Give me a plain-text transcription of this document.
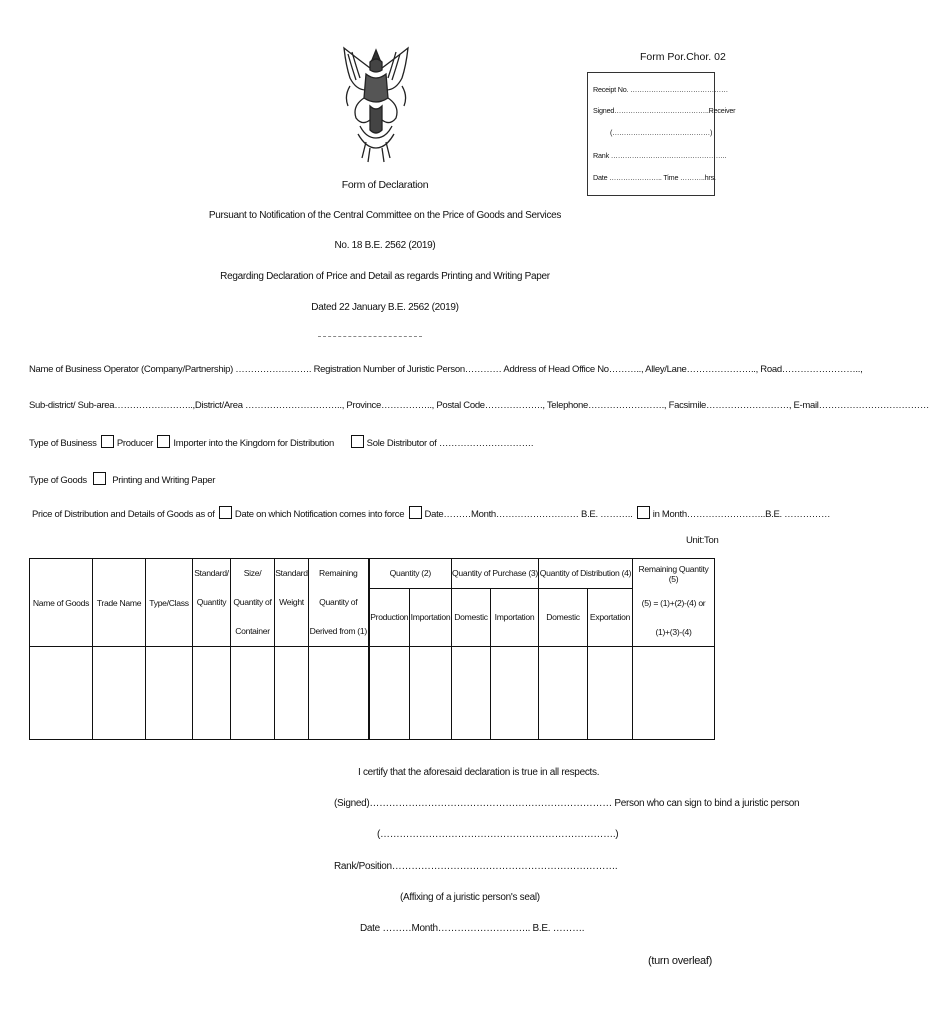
Form Por.Chor. 02
Receipt No. ……………………………………
Signed…………………………………..Receiver
(……………………………………)
Rank …………………………………………..
Date ………………….. Time ………..hrs.
Form of Declaration
Pursuant to Notification of the Central Committee on the Price of Goods and Services
No. 18 B.E. 2562 (2019)
Regarding Declaration of Price and Detail as regards Printing and Writing Paper
Dated 22 January B.E. 2562 (2019)
Name of Business Operator (Company/Partnership) ……………………. Registration Number of Juristic Person………… Address of Head Office No……….., Alley/Lane………………….., Road……………………..,
Sub-district/ Sub-area……………………..,District/Area ………………………….., Province…………….., Postal Code………………., Telephone……………………., Facsimile………………………, E-mail………………………………
Type of Business Producer Importer into the Kingdom for Distribution	Sole Distributor of ………………………….
Type of Goods	Printing and Writing Paper
Price of Distribution and Details of Goods as of Date on which Notification comes into force Date………Month……………………… B.E. ……….. in Month……………………..B.E. ……………
Unit:Ton
Name of Goods	Trade Name	Type/Class	Standard/	Size/	Standard	Remaining	Quantity (2)		Quantity of Purchase (3)		Quantity of Distribution (4)		Remaining Quantity (5)
			Quantity	Quantity of	Weight	Quantity of	Production	Importation	Domestic	Importation	Domestic	Exportation	(5) = (1)+(2)-(4) or
				Container		Derived from (1)							(1)+(3)-(4)

I certify that the aforesaid declaration is true in all respects.
(Signed)………………………………………………………………… Person who can sign to bind a juristic person
(……………………………………………………………….)
Rank/Position…………………………………………………………….
(Affixing of a juristic person's seal)
Date ………Month……………………….. B.E. ……….
(turn overleaf)
